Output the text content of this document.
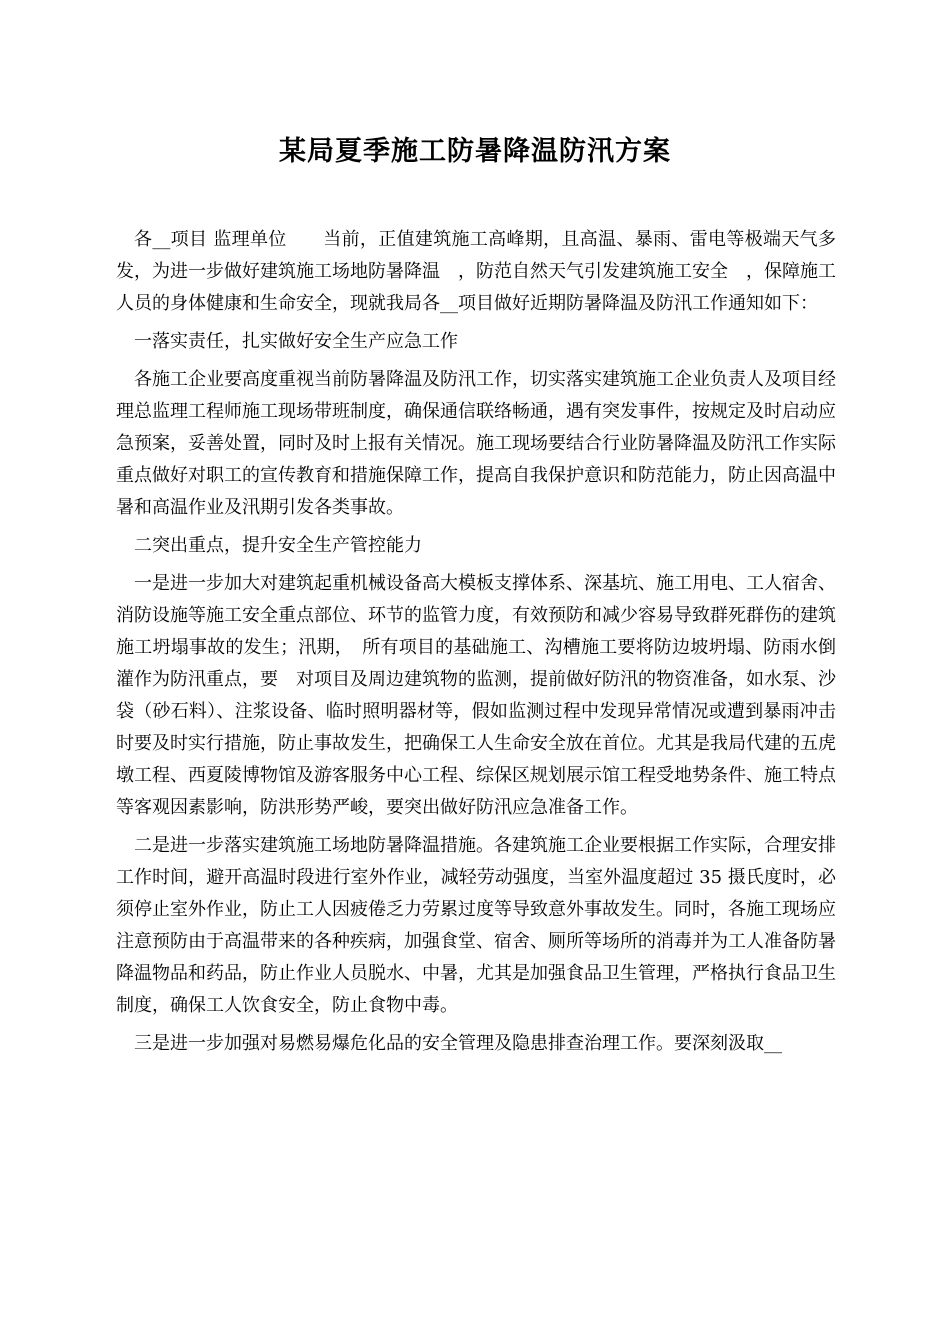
某局夏季施工防暑降温防汛方案

各__项目 监理单位　　当前，正值建筑施工高峰期，且高温、暴雨、雷电等极端天气多发，为进一步做好建筑施工场地防暑降温　，防范自然天气引发建筑施工安全　，保障施工人员的身体健康和生命安全，现就我局各__项目做好近期防暑降温及防汛工作通知如下：

一落实责任，扎实做好安全生产应急工作

各施工企业要高度重视当前防暑降温及防汛工作，切实落实建筑施工企业负责人及项目经理总监理工程师施工现场带班制度，确保通信联络畅通，遇有突发事件，按规定及时启动应急预案，妥善处置，同时及时上报有关情况。施工现场要结合行业防暑降温及防汛工作实际重点做好对职工的宣传教育和措施保障工作，提高自我保护意识和防范能力，防止因高温中暑和高温作业及汛期引发各类事故。

二突出重点，提升安全生产管控能力

一是进一步加大对建筑起重机械设备高大模板支撑体系、深基坑、施工用电、工人宿舍、消防设施等施工安全重点部位、环节的监管力度，有效预防和减少容易导致群死群伤的建筑施工坍塌事故的发生；汛期，　所有项目的基础施工、沟槽施工要将防边坡坍塌、防雨水倒灌作为防汛重点，要　对项目及周边建筑物的监测，提前做好防汛的物资准备，如水泵、沙袋（砂石料）、注浆设备、临时照明器材等，假如监测过程中发现异常情况或遭到暴雨冲击时要及时实行措施，防止事故发生，把确保工人生命安全放在首位。尤其是我局代建的五虎墩工程、西夏陵博物馆及游客服务中心工程、综保区规划展示馆工程受地势条件、施工特点等客观因素影响，防洪形势严峻，要突出做好防汛应急准备工作。

二是进一步落实建筑施工场地防暑降温措施。各建筑施工企业要根据工作实际，合理安排工作时间，避开高温时段进行室外作业，减轻劳动强度，当室外温度超过 35 摄氏度时，必须停止室外作业，防止工人因疲倦乏力劳累过度等导致意外事故发生。同时，各施工现场应注意预防由于高温带来的各种疾病，加强食堂、宿舍、厕所等场所的消毒并为工人准备防暑降温物品和药品，防止作业人员脱水、中暑，尤其是加强食品卫生管理，严格执行食品卫生制度，确保工人饮食安全，防止食物中毒。

三是进一步加强对易燃易爆危化品的安全管理及隐患排查治理工作。要深刻汲取__
